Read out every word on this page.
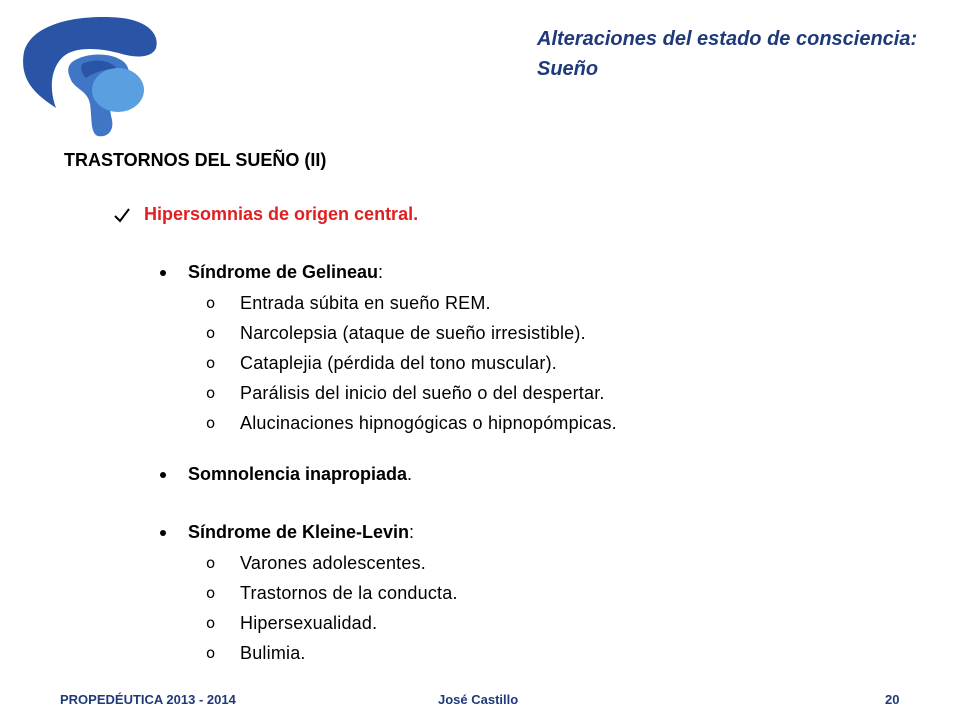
Alteraciones del estado de consciencia:
Sueño
TRASTORNOS DEL SUEÑO (II)
Hipersomnias de origen central.
Síndrome de Gelineau :
o	Entrada súbita en sueño REM.
o	Narcolepsia (ataque de sueño irresistible).
o	Cataplejia (pérdida del tono muscular).
o	Parálisis del inicio del sueño o del despertar.
o	Alucinaciones hipnogógicas o hipnopómpicas.
Somnolencia inapropiada .
Síndrome de Kleine-Levin :
o	Varones adolescentes.
o	Trastornos de la conducta.
o	Hipersexualidad.
o	Bulimia.
PROPEDÉUTICA 2013 - 2014	José Castillo	20
